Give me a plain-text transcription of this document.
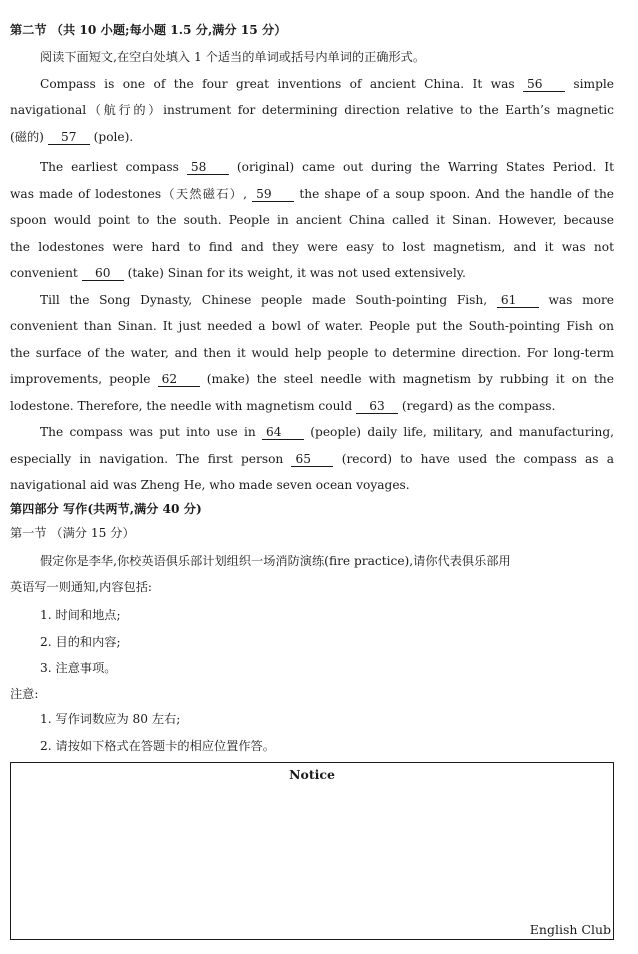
第二节 （共 10 小题;每小题 1.5 分,满分 15 分）
阅读下面短文,在空白处填入 1 个适当的单词或括号内单词的正确形式。
Compass is one of the four great inventions of ancient China. It was 56	simple
navigational（航行的）instrument for determining direction relative to the Earth’s magnetic
(磁的) 57 (pole).
The earliest compass 58 (original) came out during the Warring States Period. It
was made of lodestones（天然磁石）, 59 the shape of a soup spoon. And the handle of the
spoon would point to the south. People in ancient China called it Sinan. However, because
the lodestones were hard to find and they were easy to lost magnetism, and it was not
convenient 60 (take) Sinan for its weight, it was not used extensively.
Till the Song Dynasty, Chinese people made South-pointing Fish, 61	was more
convenient than Sinan. It just needed a bowl of water. People put the South-pointing Fish on
the surface of the water, and then it would help people to determine direction. For long-term
improvements, people 62 (make) the steel needle with magnetism by rubbing it on the
lodestone. Therefore, the needle with magnetism could 63 (regard) as the compass.
The compass was put into use in 64 (people) daily life, military, and manufacturing,
especially in navigation. The first person 65	(record) to have used the compass as a
navigational aid was Zheng He, who made seven ocean voyages.
第四部分 写作(共两节,满分 40 分)
第一节 （满分 15 分）
假定你是李华,你校英语俱乐部计划组织一场消防演练(fire practice),请你代表俱乐部用
英语写一则通知,内容包括:
1. 时间和地点;
2. 目的和内容;
3. 注意事项。
注意:
1. 写作词数应为 80 左右;
2. 请按如下格式在答题卡的相应位置作答。
Notice
English Club
